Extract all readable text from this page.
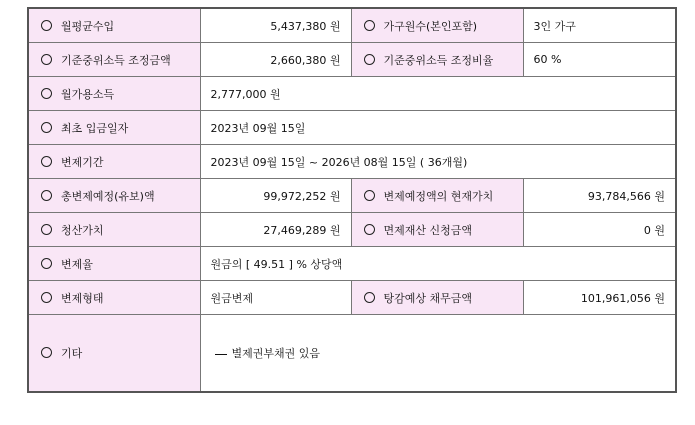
월평균수입	5,437,380 원	가구원수(본인포함)	3인 가구
기준중위소득 조정금액	2,660,380 원	기준중위소득 조정비율	60 %
월가용소득	2,777,000 원		
최초 입금일자	2023년 09월 15일		
변제기간	2023년 09월 15일 ~ 2026년 08월 15일 ( 36개월)		
총변제예정(유보)액	99,972,252 원	변제예정액의 현재가치	93,784,566 원
청산가치	27,469,289 원	면제재산 신청금액	0 원
변제율	원금의 [ 49.51 ] % 상당액		
변제형태	원금변제	탕감예상 채무금액	101,961,056 원
기타	별제권부채권 있음		
